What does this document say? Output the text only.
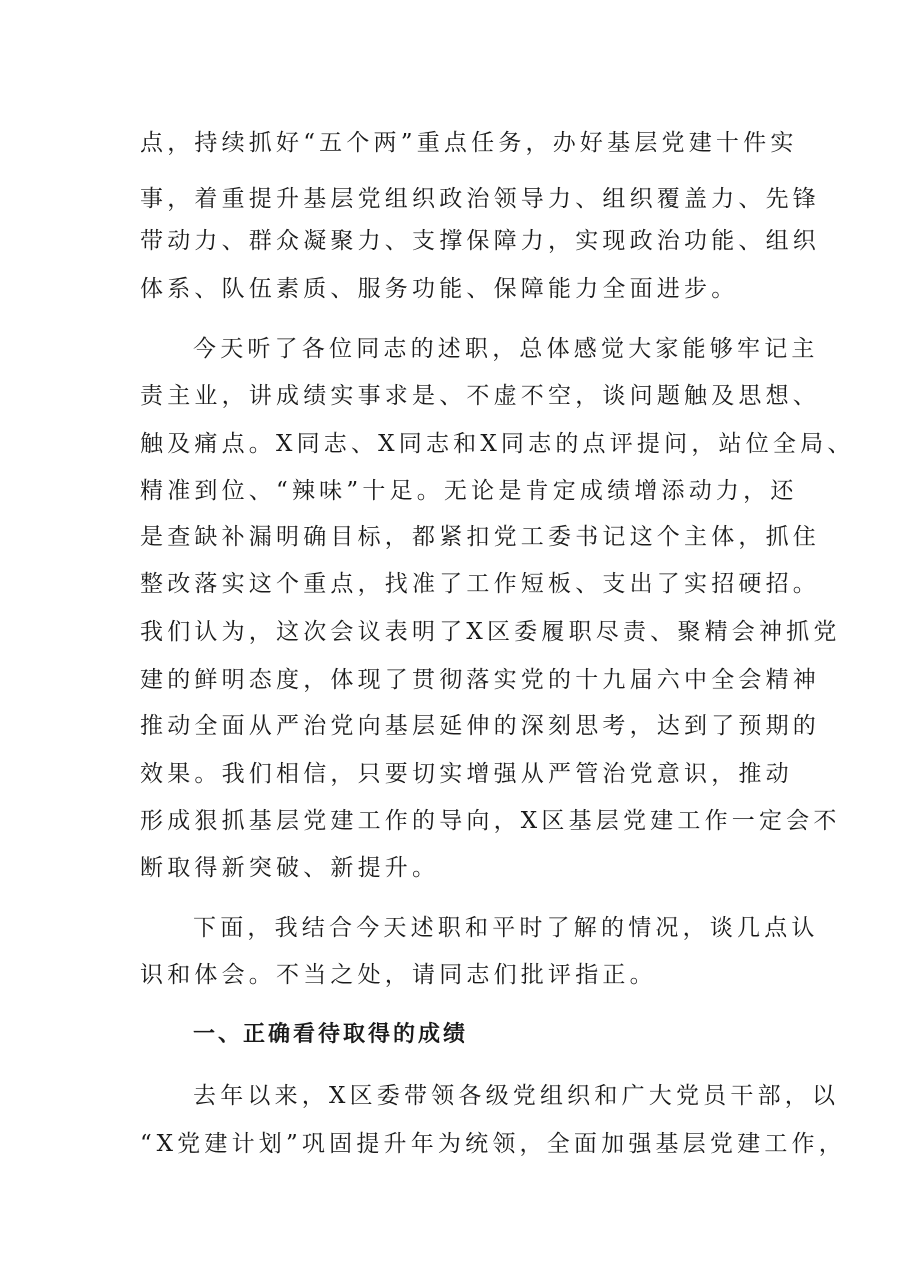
点，持续抓好“五个两”重点任务，办好基层党建十件实
事，着重提升基层党组织政治领导力、组织覆盖力、先锋
带动力、群众凝聚力、支撑保障力，实现政治功能、组织
体系、队伍素质、服务功能、保障能力全面进步。
今天听了各位同志的述职，总体感觉大家能够牢记主
责主业，讲成绩实事求是、不虚不空，谈问题触及思想、
触及痛点。X同志、X同志和X同志的点评提问，站位全局、
精准到位、“辣味”十足。无论是肯定成绩增添动力，还
是查缺补漏明确目标，都紧扣党工委书记这个主体，抓住
整改落实这个重点，找准了工作短板、支出了实招硬招。
我们认为，这次会议表明了X区委履职尽责、聚精会神抓党
建的鲜明态度，体现了贯彻落实党的十九届六中全会精神
推动全面从严治党向基层延伸的深刻思考，达到了预期的
效果。我们相信，只要切实增强从严管治党意识，推动
形成狠抓基层党建工作的导向，X区基层党建工作一定会不
断取得新突破、新提升。
下面，我结合今天述职和平时了解的情况，谈几点认
识和体会。不当之处，请同志们批评指正。
一、正确看待取得的成绩
去年以来，X区委带领各级党组织和广大党员干部，以
“X党建计划”巩固提升年为统领，全面加强基层党建工作，
